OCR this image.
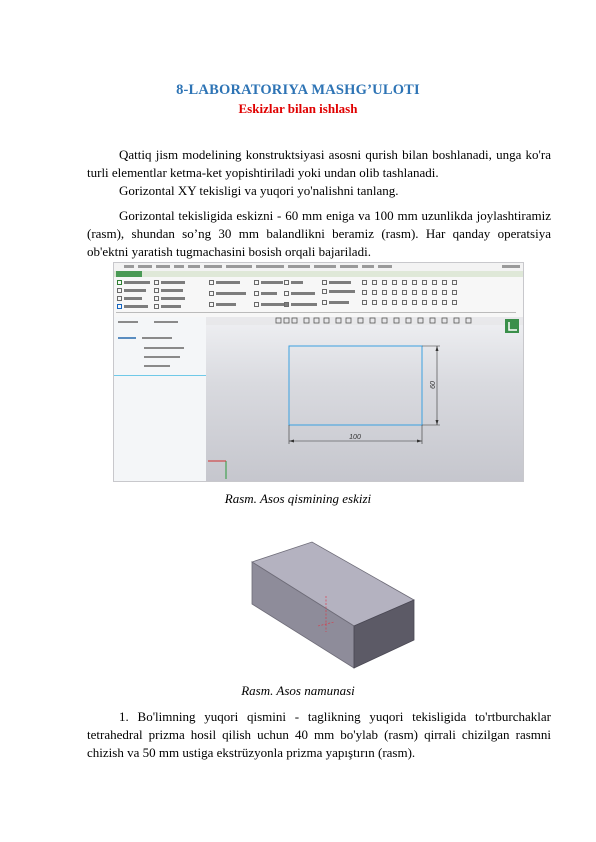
8-LABORATORIYA MASHG’ULOTI
Eskizlar bilan ishlash

Qattiq jism modelining konstruktsiyasi asosni qurish bilan boshlanadi, unga ko'ra turli elementlar ketma-ket yopishtiriladi yoki undan olib tashlanadi.

Gorizontal XY tekisligi va yuqori yo'nalishni tanlang.

Gorizontal tekisligida eskizni - 60 mm eniga va 100 mm uzunlikda joylashtiramiz (rasm), shundan so’ng 30 mm balandlikni beramiz (rasm). Har qanday operatsiya ob'ektni yaratish tugmachasini bosish orqali bajariladi.

100
60
Rasm. Asos qismining eskizi
Rasm. Asos namunasi

1. Bo'limning yuqori qismini - taglikning yuqori tekisligida to'rtburchaklar tetrahedral prizma hosil qilish uchun 40 mm bo'ylab (rasm) qirrali chizilgan rasmni chizish va 50 mm ustiga ekstrüzyonla prizma yapıştırın (rasm).
